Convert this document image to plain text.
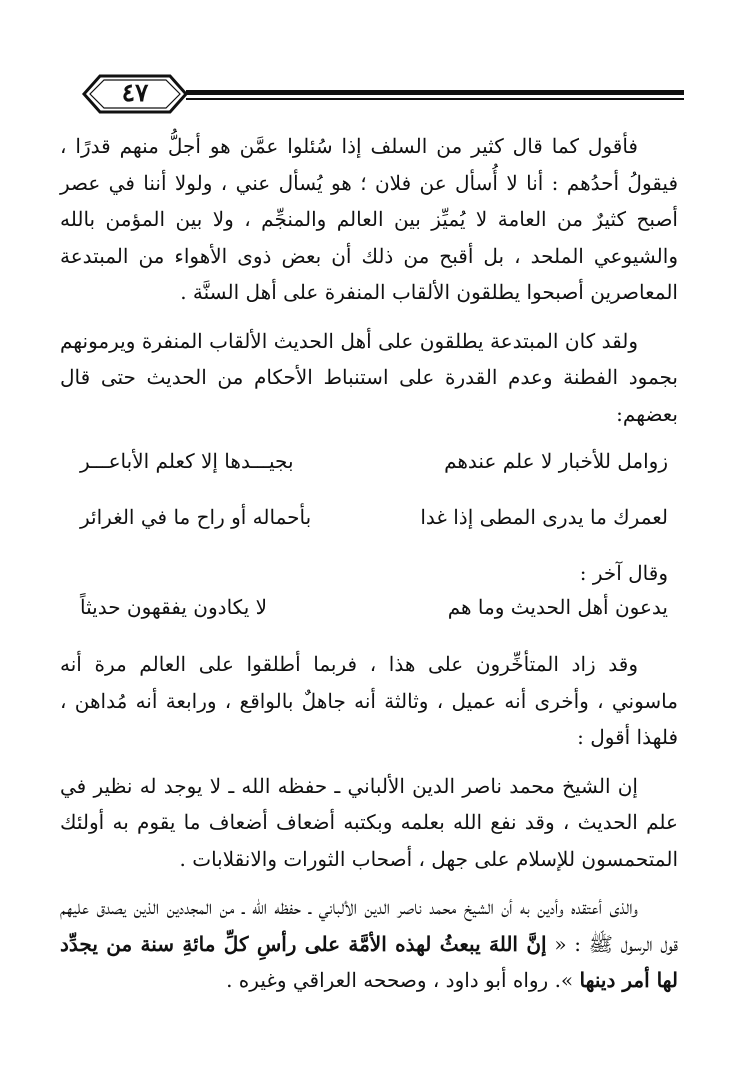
٤٧

فأقول كما قال كثير من السلف إذا سُئلوا عمَّن هو أجلُّ منهم قدرًا ، فيقولُ أحدُهم : أنا لا أُسأل عن فلان ؛ هو يُسأل عني ، ولولا أننا في عصر أصبح كثيرٌ من العامة لا يُميِّز بين العالم والمنجِّم ، ولا بين المؤمن بالله والشيوعي الملحد ، بل أقبح من ذلك أن بعض ذوى الأهواء من المبتدعة المعاصرين أصبحوا يطلقون الألقاب المنفرة على أهل السنَّة .

ولقد كان المبتدعة يطلقون على أهل الحديث الألقاب المنفرة ويرمونهم بجمود الفطنة وعدم القدرة على استنباط الأحكام من الحديث حتى قال بعضهم:

زوامل للأخبار لا علم عندهم
بجيـــدها إلا كعلم الأباعـــر
لعمرك ما يدرى المطى إذا غدا
بأحماله أو راح ما في الغرائر

وقال آخر :

يدعون أهل الحديث وما هم
لا يكادون يفقهون حديثاً

وقد زاد المتأخِّرون على هذا ، فربما أطلقوا على العالم مرة أنه ماسوني ، وأخرى أنه عميل ، وثالثة أنه جاهلٌ بالواقع ، ورابعة أنه مُداهن ، فلهذا أقول :

إن الشيخ محمد ناصر الدين الألباني ـ حفظه الله ـ لا يوجد له نظير في علم الحديث ، وقد نفع الله بعلمه وبكتبه أضعاف أضعاف ما يقوم به أولئك المتحمسون للإسلام على جهل ، أصحاب الثورات والانقلابات .

والذى أعتقده وأدين به أن الشيخ محمد ناصر الدين الألباني ـ حفظه الله ـ من المجددين الذين يصدق عليهم قول الرسول ﷺ : « إنَّ اللهَ يبعثُ لهذه الأمَّة على رأسِ كلِّ مائةِ سنة من يجدِّد لها أمر دينها ». رواه أبو داود ، وصححه العراقي وغيره .
